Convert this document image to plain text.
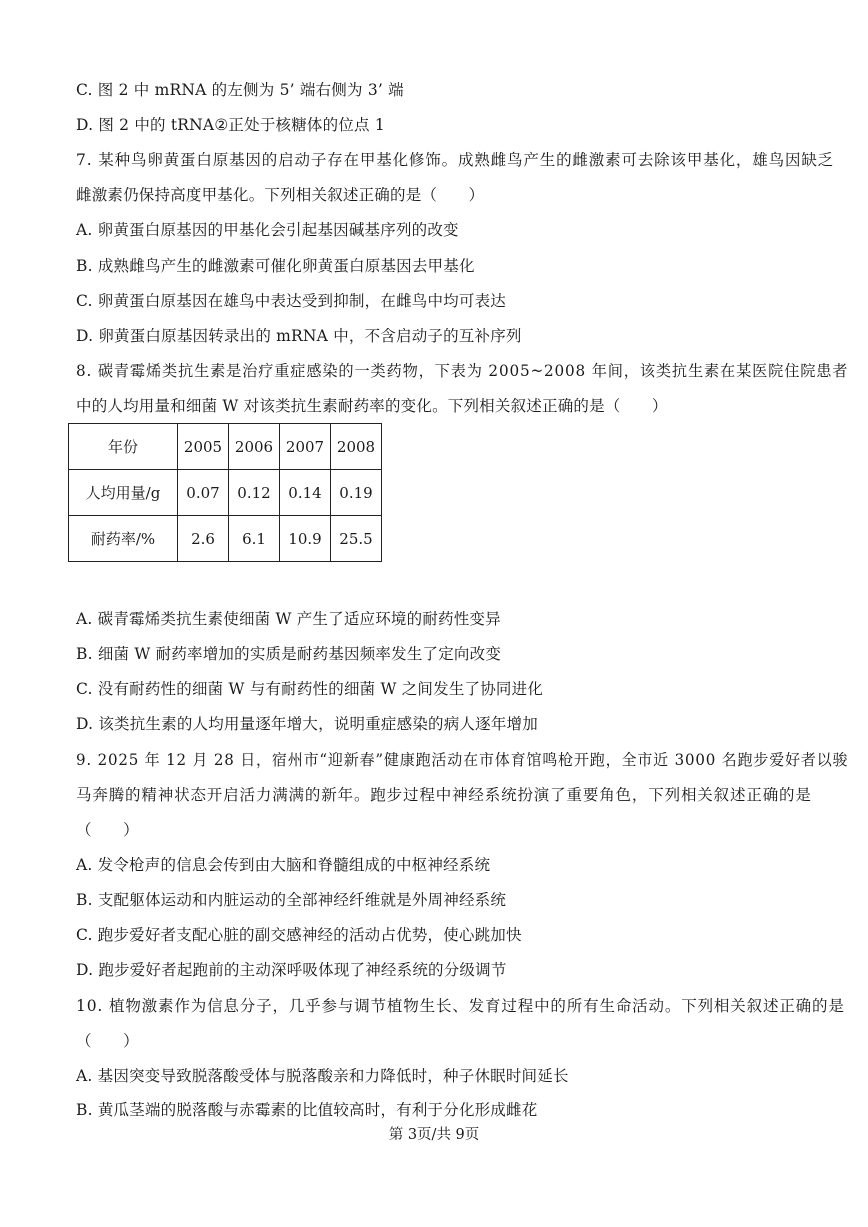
C. 图 2 中 mRNA 的左侧为 5’ 端右侧为 3’ 端
D. 图 2 中的 tRNA②正处于核糖体的位点 1
7. 某种鸟卵黄蛋白原基因的启动子存在甲基化修饰。成熟雌鸟产生的雌激素可去除该甲基化，雄鸟因缺乏
雌激素仍保持高度甲基化。下列相关叙述正确的是（　　）
A. 卵黄蛋白原基因的甲基化会引起基因碱基序列的改变
B. 成熟雌鸟产生的雌激素可催化卵黄蛋白原基因去甲基化
C. 卵黄蛋白原基因在雄鸟中表达受到抑制，在雌鸟中均可表达
D. 卵黄蛋白原基因转录出的 mRNA 中，不含启动子的互补序列
8. 碳青霉烯类抗生素是治疗重症感染的一类药物，下表为 2005~2008 年间，该类抗生素在某医院住院患者
中的人均用量和细菌 W 对该类抗生素耐药率的变化。下列相关叙述正确的是（　　）
年份	2005	2006	2007	2008
人均用量/g	0.07	0.12	0.14	0.19
耐药率/%	2.6	6.1	10.9	25.5
A. 碳青霉烯类抗生素使细菌 W 产生了适应环境的耐药性变异
B. 细菌 W 耐药率增加的实质是耐药基因频率发生了定向改变
C. 没有耐药性的细菌 W 与有耐药性的细菌 W 之间发生了协同进化
D. 该类抗生素的人均用量逐年增大，说明重症感染的病人逐年增加
9. 2025 年 12 月 28 日，宿州市“迎新春”健康跑活动在市体育馆鸣枪开跑，全市近 3000 名跑步爱好者以骏
马奔腾的精神状态开启活力满满的新年。跑步过程中神经系统扮演了重要角色，下列相关叙述正确的是
（　　）
A. 发令枪声的信息会传到由大脑和脊髓组成的中枢神经系统
B. 支配躯体运动和内脏运动的全部神经纤维就是外周神经系统
C. 跑步爱好者支配心脏的副交感神经的活动占优势，使心跳加快
D. 跑步爱好者起跑前的主动深呼吸体现了神经系统的分级调节
10. 植物激素作为信息分子，几乎参与调节植物生长、发育过程中的所有生命活动。下列相关叙述正确的是
（　　）
A. 基因突变导致脱落酸受体与脱落酸亲和力降低时，种子休眠时间延长
B. 黄瓜茎端的脱落酸与赤霉素的比值较高时，有利于分化形成雌花
第 3页/共 9页
